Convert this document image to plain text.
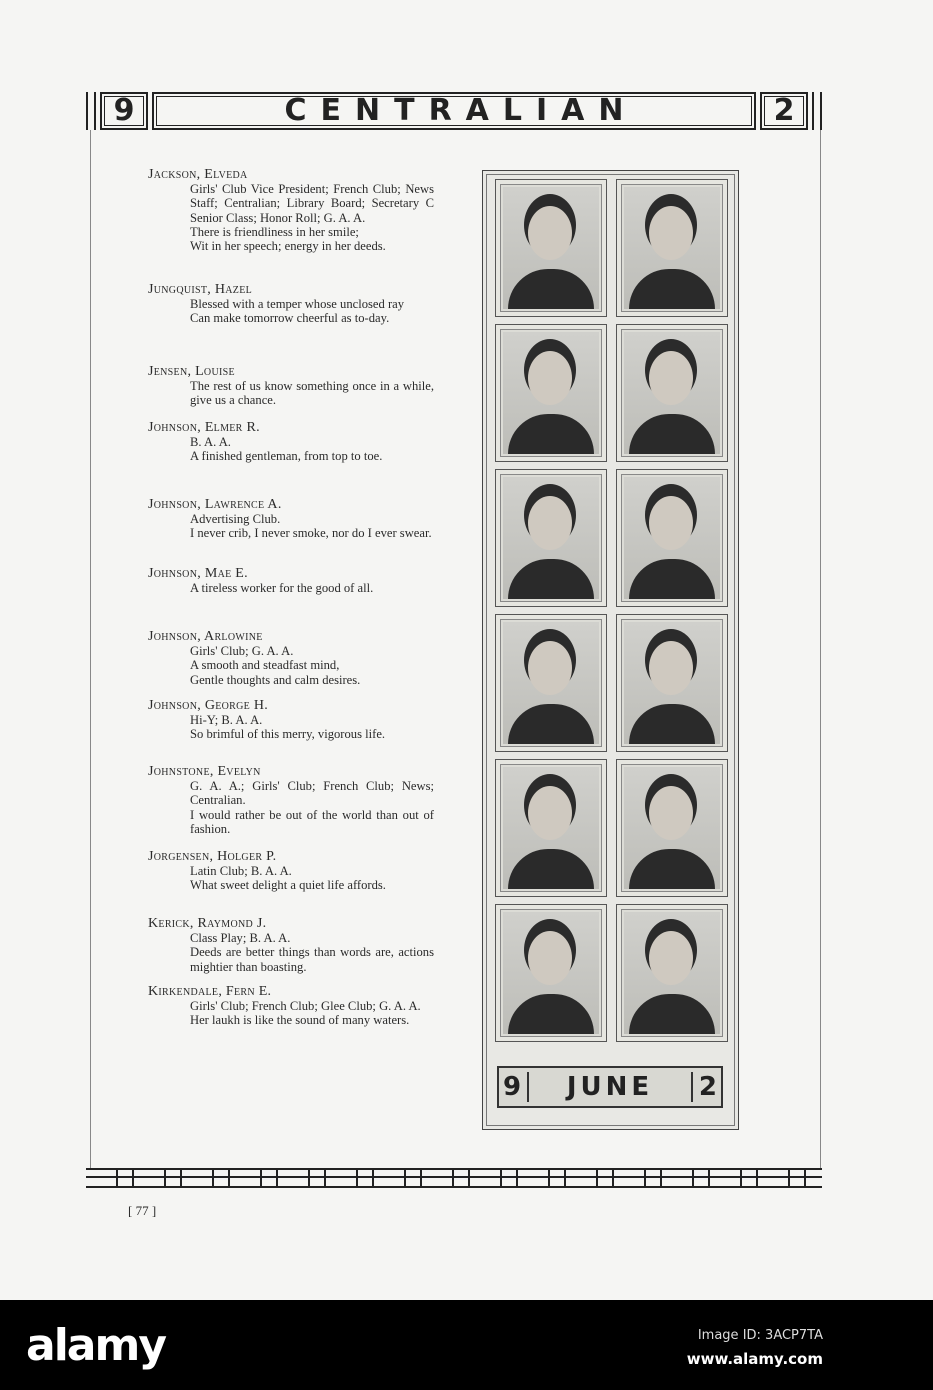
9	CENTRALIAN	2
Jackson, Elveda
Girls' Club Vice President; French Club; News Staff; Centralian; Library Board; Secretary C Senior Class; Honor Roll; G. A. A.
There is friendliness in her smile;
Wit in her speech; energy in her deeds.
Jungquist, Hazel
Blessed with a temper whose unclosed ray
Can make tomorrow cheerful as to-day.
Jensen, Louise
The rest of us know something once in a while, give us a chance.
Johnson, Elmer R.
B. A. A.
A finished gentleman, from top to toe.
Johnson, Lawrence A.
Advertising Club.
I never crib, I never smoke, nor do I ever swear.
Johnson, Mae E.
A tireless worker for the good of all.
Johnson, Arlowine
Girls' Club; G. A. A.
A smooth and steadfast mind,
Gentle thoughts and calm desires.
Johnson, George H.
Hi-Y; B. A. A.
So brimful of this merry, vigorous life.
Johnstone, Evelyn
G. A. A.; Girls' Club; French Club; News; Centralian.
I would rather be out of the world than out of fashion.
Jorgensen, Holger P.
Latin Club; B. A. A.
What sweet delight a quiet life affords.
Kerick, Raymond J.
Class Play; B. A. A.
Deeds are better things than words are, actions mightier than boasting.
Kirkendale, Fern E.
Girls' Club; French Club; Glee Club; G. A. A.
Her laukh is like the sound of many waters.
9	JUNE	2
[ 77 ]
alamy	Image ID: 3ACP7TA
www.alamy.com
